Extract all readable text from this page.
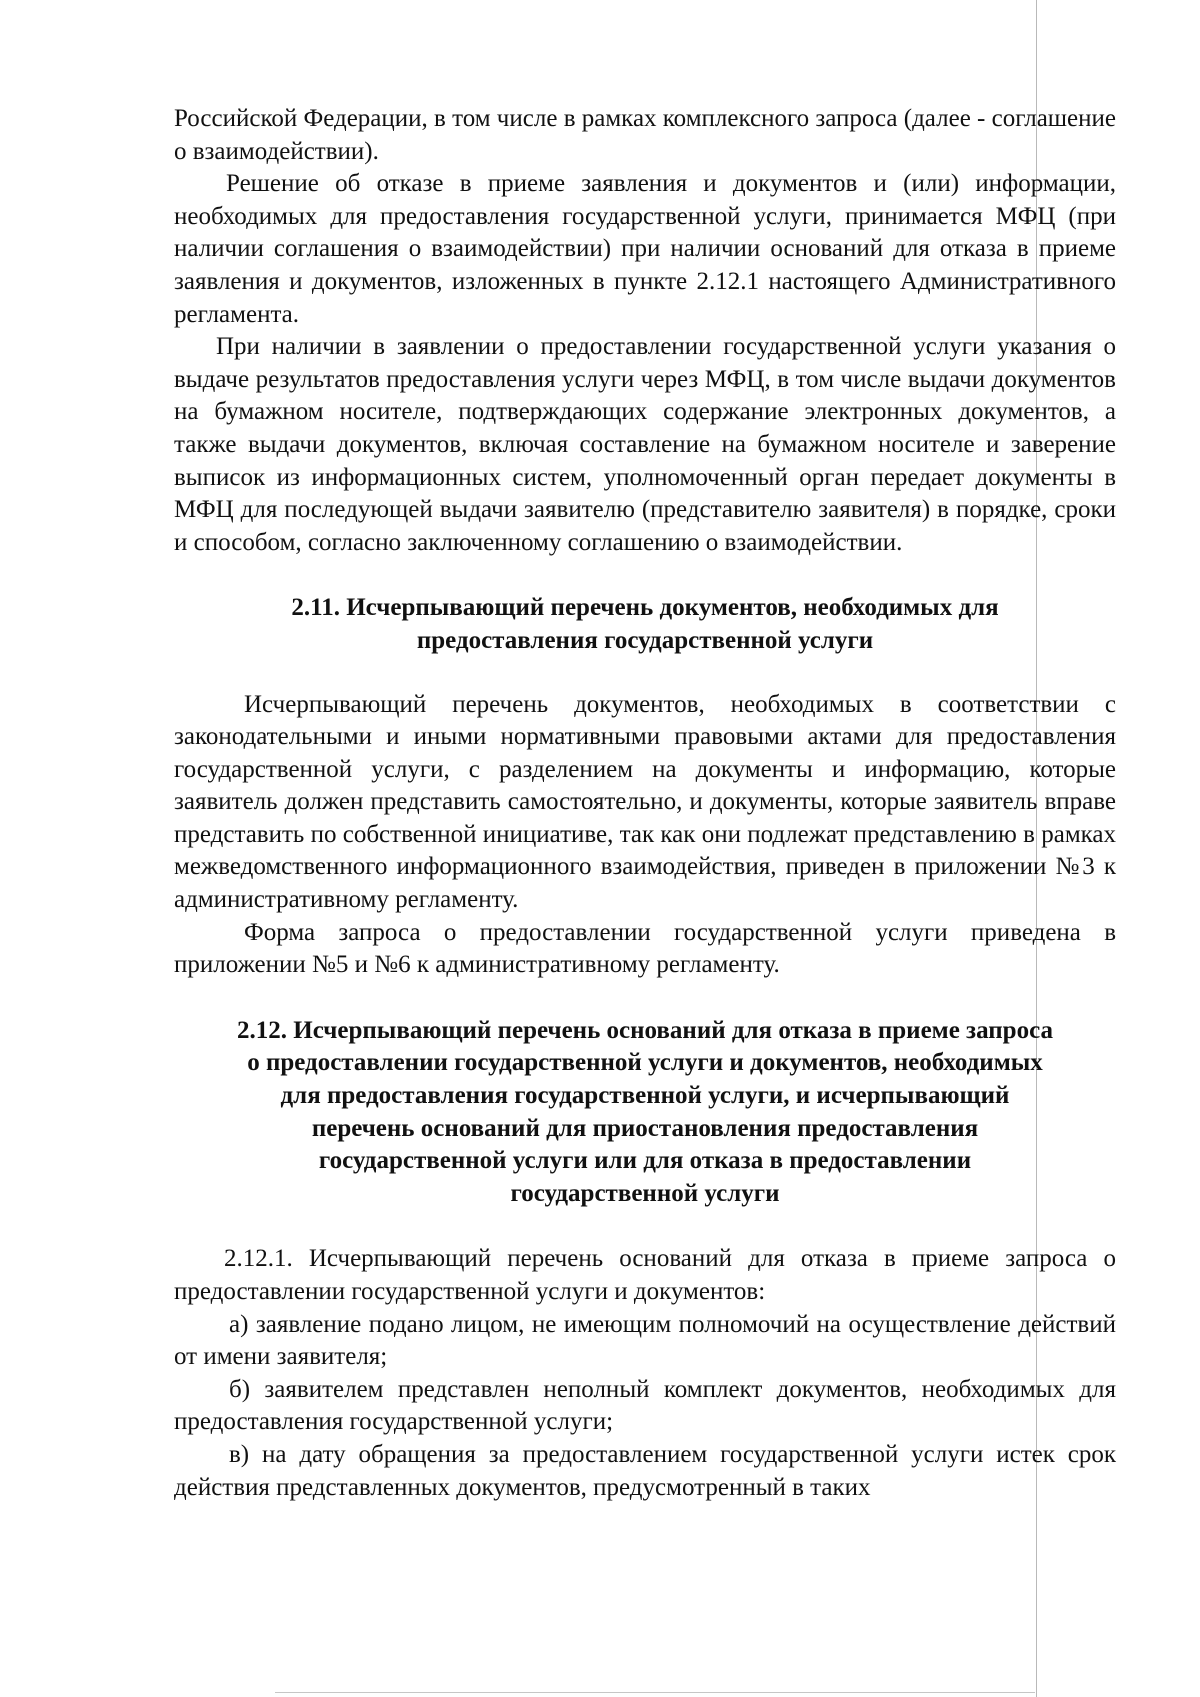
Российской Федерации, в том числе в рамках комплексного запроса (далее - соглашение о взаимодействии).

Решение об отказе в приеме заявления и документов и (или) информации, необходимых для предоставления государственной услуги, принимается МФЦ (при наличии соглашения о взаимодействии) при наличии оснований для отказа в приеме заявления и документов, изложенных в пункте 2.12.1 настоящего Административного регламента.

При наличии в заявлении о предоставлении государственной услуги указания о выдаче результатов предоставления услуги через МФЦ, в том числе выдачи документов на бумажном носителе, подтверждающих содержание электронных документов, а также выдачи документов, включая составление на бумажном носителе и заверение выписок из информационных систем, уполномоченный орган передает документы в МФЦ для последующей выдачи заявителю (представителю заявителя) в порядке, сроки и способом, согласно заключенному соглашению о взаимодействии.

2.11. Исчерпывающий перечень документов, необходимых для
предоставления государственной услуги

Исчерпывающий перечень документов, необходимых в соответствии с законодательными и иными нормативными правовыми актами для предоставления государственной услуги, с разделением на документы и информацию, которые заявитель должен представить самостоятельно, и документы, которые заявитель вправе представить по собственной инициативе, так как они подлежат представлению в рамках межведомственного информационного взаимодействия, приведен в приложении №3 к административному регламенту.

Форма запроса о предоставлении государственной услуги приведена в приложении №5 и №6 к административному регламенту.

2.12. Исчерпывающий перечень оснований для отказа в приеме запроса
о предоставлении государственной услуги и документов, необходимых
для предоставления государственной услуги, и исчерпывающий
перечень оснований для приостановления предоставления
государственной услуги или для отказа в предоставлении
государственной услуги

2.12.1. Исчерпывающий перечень оснований для отказа в приеме запроса о предоставлении государственной услуги и документов:

а) заявление подано лицом, не имеющим полномочий на осуществление действий от имени заявителя;

б) заявителем представлен неполный комплект документов, необходимых для предоставления государственной услуги;

в) на дату обращения за предоставлением государственной услуги истек срок действия представленных документов, предусмотренный в таких
